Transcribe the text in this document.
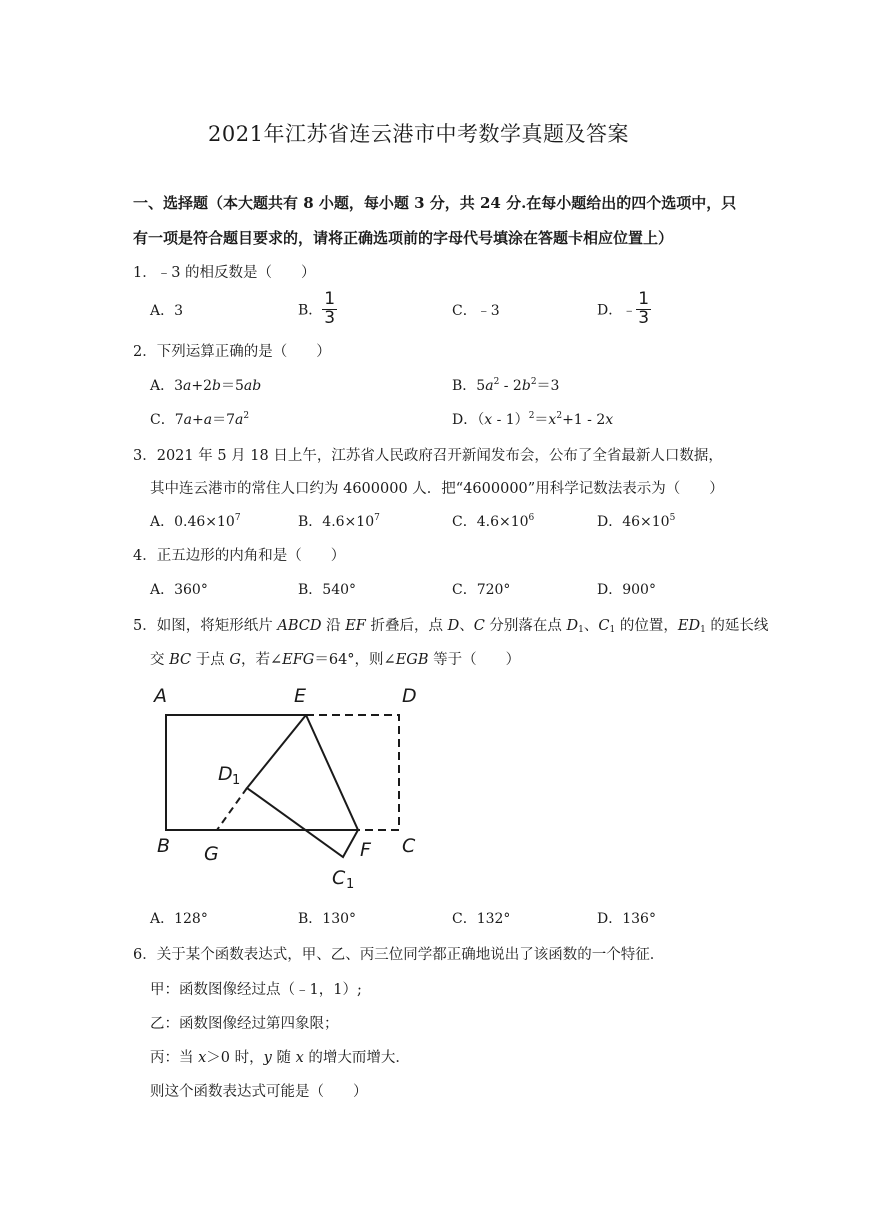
2021年江苏省连云港市中考数学真题及答案
一、选择题（本大题共有 8 小题，每小题 3 分，共 24 分.在每小题给出的四个选项中，只
有一项是符合题目要求的，请将正确选项前的字母代号填涂在答题卡相应位置上）
1．﹣3 的相反数是（　　）
A．3	B． $\frac{1}{3}$	C．﹣3	D．﹣ $\frac{1}{3}$
2．下列运算正确的是（　　）
A．3a+2b＝5ab	B．$5a^2 - 2b^2=3$
C．$7a+a=7a^2$	D．$(x - 1)^2=x^2+1 - 2x$
3．2021 年 5 月 18 日上午，江苏省人民政府召开新闻发布会，公布了全省最新人口数据，
其中连云港市的常住人口约为 4600000 人．把“4600000”用科学记数法表示为（　　）
A．$0.46\times 10^7$	B．$4.6\times 10^7$	C．$4.6\times 10^6$	D．$46\times 10^5$
4．正五边形的内角和是（　　）
A．360°	B．540°	C．720°	D．900°
5．如图，将矩形纸片 ABCD 沿 EF 折叠后，点 D、C 分别落在点 $D_1$、$C_1$ 的位置，$ED_1$ 的延长线
交 BC 于点 G，若∠EFG＝64°，则∠EGB 等于（　　）
A	E	D
D 1
B G	F C
C 1
A．128°	B．130°	C．132°	D．136°
6．关于某个函数表达式，甲、乙、丙三位同学都正确地说出了该函数的一个特征．
甲：函数图像经过点（﹣1，1）;
乙：函数图像经过第四象限；
丙：当 x＞0 时，y 随 x 的增大而增大．
则这个函数表达式可能是（　　）
